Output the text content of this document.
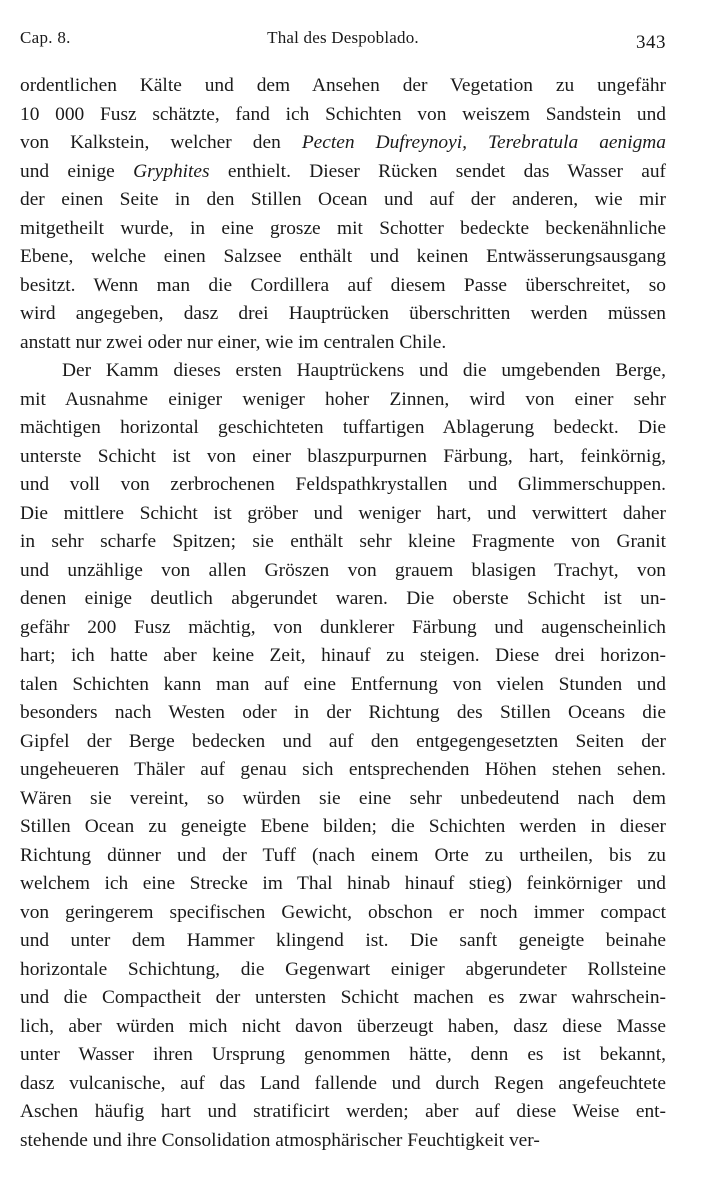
Cap. 8.	Thal des Despoblado.	343
ordentlichen Kälte und dem Ansehen der Vegetation zu ungefähr
10 000 Fusz schätzte, fand ich Schichten von weiszem Sandstein und
von Kalkstein, welcher den Pecten Dufreynoyi, Terebratula aenigma
und einige Gryphites enthielt. Dieser Rücken sendet das Wasser auf
der einen Seite in den Stillen Ocean und auf der anderen, wie mir
mitgetheilt wurde, in eine grosze mit Schotter bedeckte beckenähnliche
Ebene, welche einen Salzsee enthält und keinen Entwässerungsausgang
besitzt. Wenn man die Cordillera auf diesem Passe überschreitet, so
wird angegeben, dasz drei Hauptrücken überschritten werden müssen
anstatt nur zwei oder nur einer, wie im centralen Chile.
Der Kamm dieses ersten Hauptrückens und die umgebenden Berge,
mit Ausnahme einiger weniger hoher Zinnen, wird von einer sehr
mächtigen horizontal geschichteten tuffartigen Ablagerung bedeckt. Die
unterste Schicht ist von einer blaszpurpurnen Färbung, hart, feinkörnig,
und voll von zerbrochenen Feldspathkrystallen und Glimmerschuppen.
Die mittlere Schicht ist gröber und weniger hart, und verwittert daher
in sehr scharfe Spitzen; sie enthält sehr kleine Fragmente von Granit
und unzählige von allen Gröszen von grauem blasigen Trachyt, von
denen einige deutlich abgerundet waren. Die oberste Schicht ist un-
gefähr 200 Fusz mächtig, von dunklerer Färbung und augenscheinlich
hart; ich hatte aber keine Zeit, hinauf zu steigen. Diese drei horizon-
talen Schichten kann man auf eine Entfernung von vielen Stunden und
besonders nach Westen oder in der Richtung des Stillen Oceans die
Gipfel der Berge bedecken und auf den entgegengesetzten Seiten der
ungeheueren Thäler auf genau sich entsprechenden Höhen stehen sehen.
Wären sie vereint, so würden sie eine sehr unbedeutend nach dem
Stillen Ocean zu geneigte Ebene bilden; die Schichten werden in dieser
Richtung dünner und der Tuff (nach einem Orte zu urtheilen, bis zu
welchem ich eine Strecke im Thal hinab hinauf stieg) feinkörniger und
von geringerem specifischen Gewicht, obschon er noch immer compact
und unter dem Hammer klingend ist. Die sanft geneigte beinahe
horizontale Schichtung, die Gegenwart einiger abgerundeter Rollsteine
und die Compactheit der untersten Schicht machen es zwar wahrschein-
lich, aber würden mich nicht davon überzeugt haben, dasz diese Masse
unter Wasser ihren Ursprung genommen hätte, denn es ist bekannt,
dasz vulcanische, auf das Land fallende und durch Regen angefeuchtete
Aschen häufig hart und stratificirt werden; aber auf diese Weise ent-
stehende und ihre Consolidation atmosphärischer Feuchtigkeit ver-
